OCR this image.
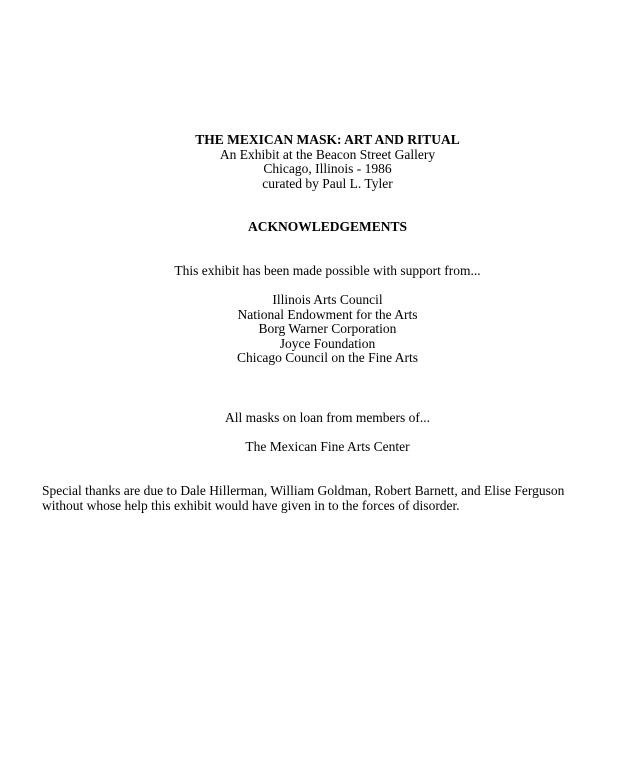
THE MEXICAN MASK: ART AND RITUAL
An Exhibit at the Beacon Street Gallery
Chicago, Illinois - 1986
curated by Paul L. Tyler
ACKNOWLEDGEMENTS
This exhibit has been made possible with support from...
Illinois Arts Council
National Endowment for the Arts
Borg Warner Corporation
Joyce Foundation
Chicago Council on the Fine Arts
All masks on loan from members of...
The Mexican Fine Arts Center
Special thanks are due to Dale Hillerman, William Goldman, Robert Barnett, and Elise Ferguson
without whose help this exhibit would have given in to the forces of disorder.
